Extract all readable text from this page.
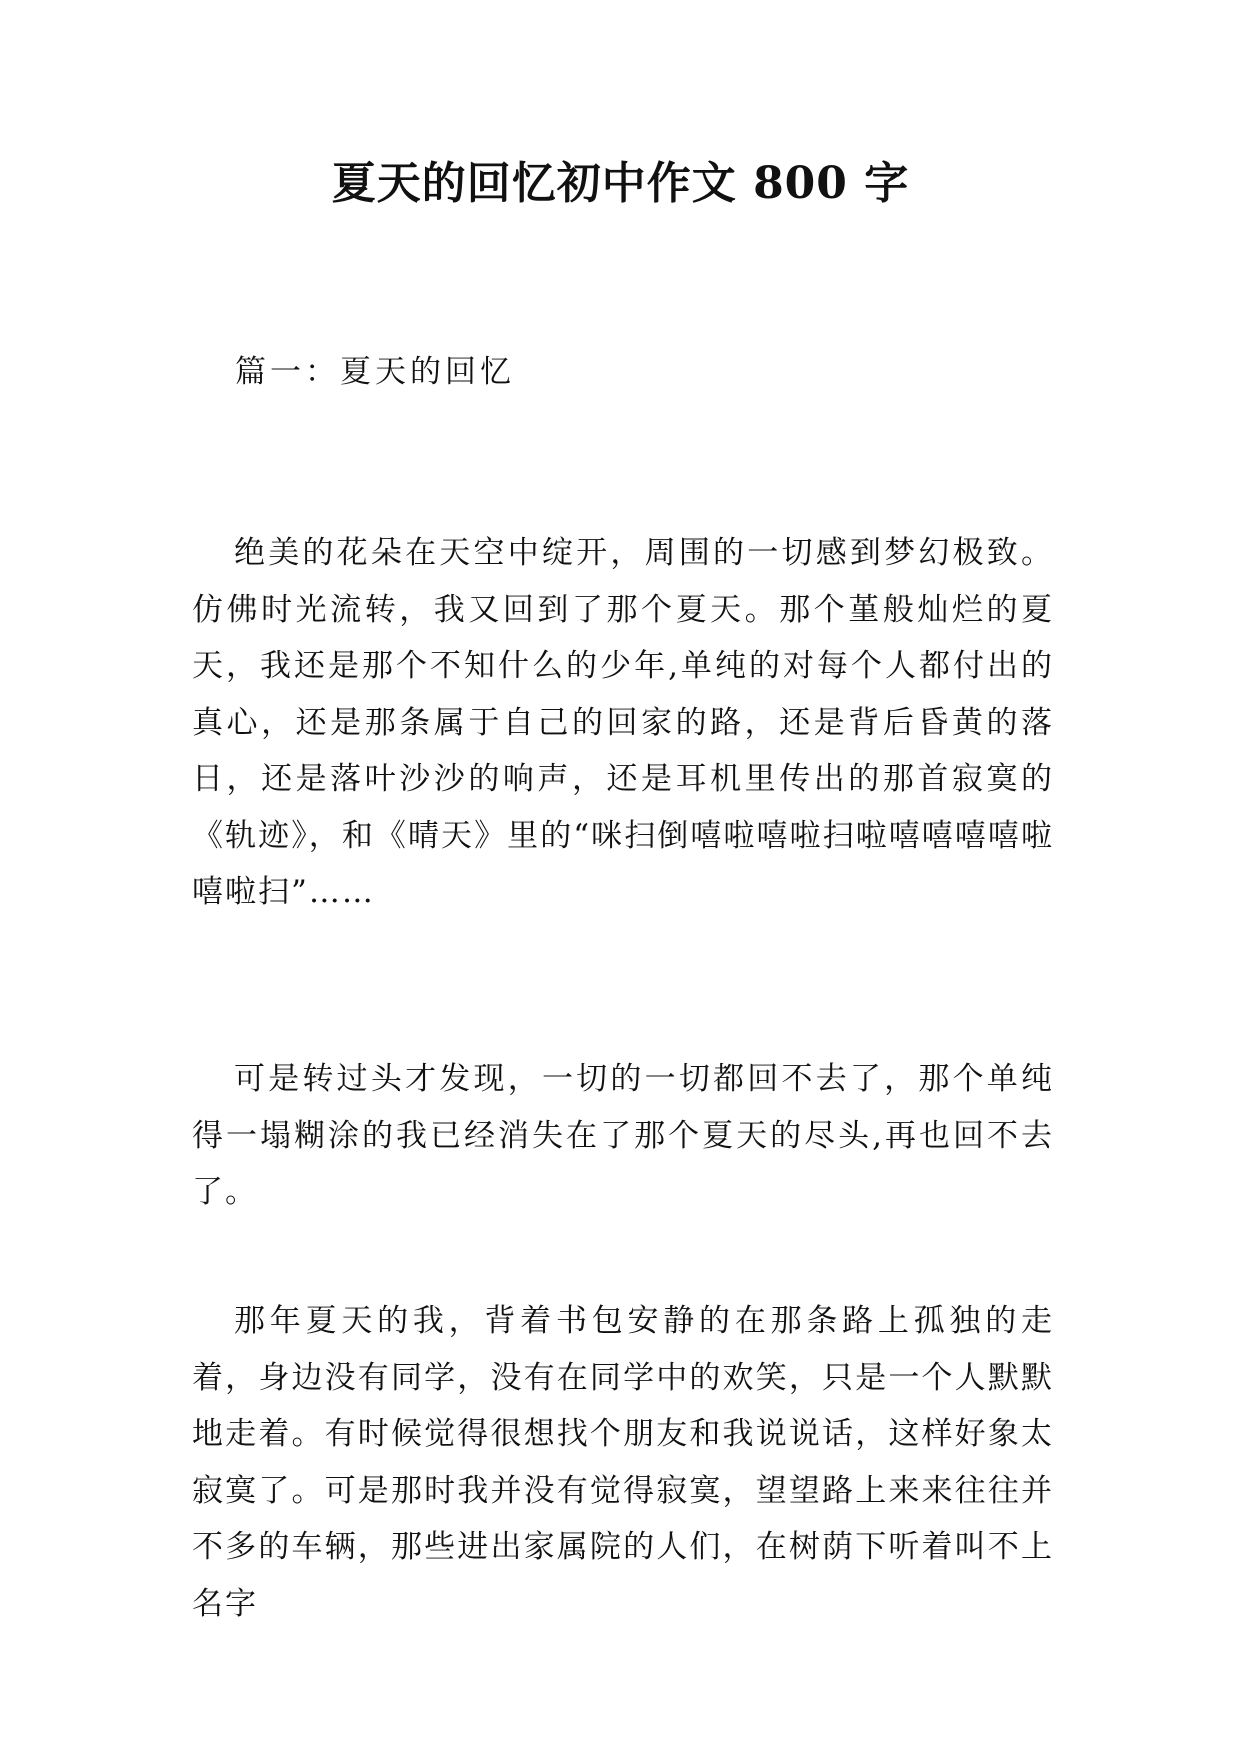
夏天的回忆初中作文 800 字

篇一：夏天的回忆

绝美的花朵在天空中绽开，周围的一切感到梦幻极致。仿佛时光流转，我又回到了那个夏天。那个堇般灿烂的夏天，我还是那个不知什么的少年,单纯的对每个人都付出的真心，还是那条属于自己的回家的路，还是背后昏黄的落日，还是落叶沙沙的响声，还是耳机里传出的那首寂寞的《轨迹》，和《晴天》里的“咪扫倒嘻啦嘻啦扫啦嘻嘻嘻嘻啦嘻啦扫”……

可是转过头才发现，一切的一切都回不去了，那个单纯得一塌糊涂的我已经消失在了那个夏天的尽头,再也回不去了。

那年夏天的我，背着书包安静的在那条路上孤独的走着，身边没有同学，没有在同学中的欢笑，只是一个人默默地走着。有时候觉得很想找个朋友和我说说话，这样好象太寂寞了。可是那时我并没有觉得寂寞，望望路上来来往往并不多的车辆，那些进出家属院的人们，在树荫下听着叫不上名字
